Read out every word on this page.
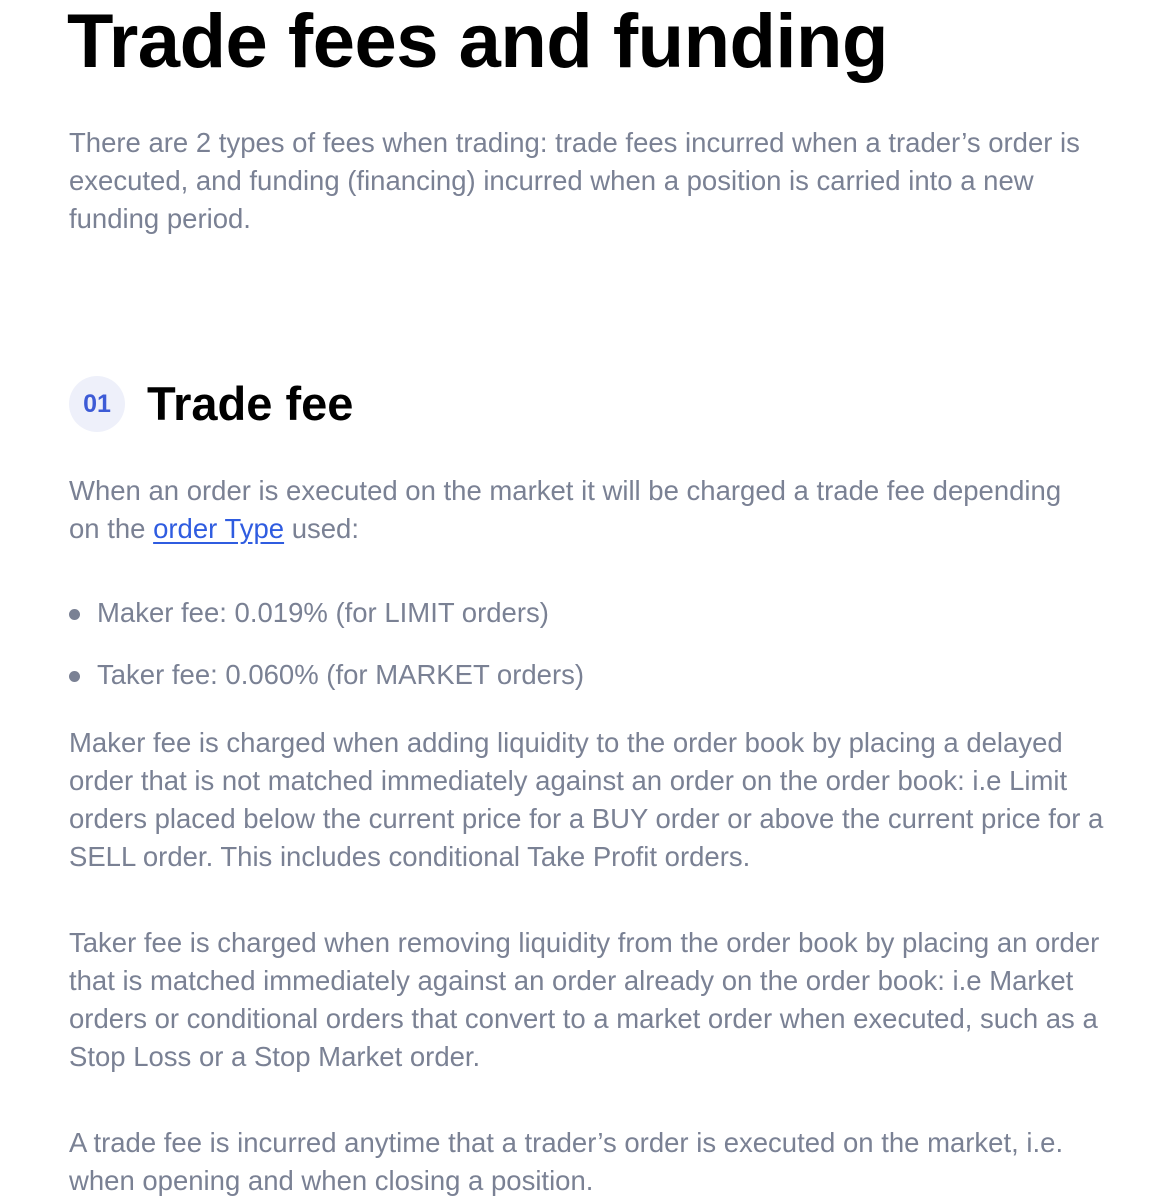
Trade fees and funding

There are 2 types of fees when trading: trade fees incurred when a trader’s order is executed, and funding (financing) incurred when a position is carried into a new funding period.

01 Trade fee

When an order is executed on the market it will be charged a trade fee depending on the order Type used:

Maker fee: 0.019% (for LIMIT orders)
Taker fee: 0.060% (for MARKET orders)

Maker fee is charged when adding liquidity to the order book by placing a delayed order that is not matched immediately against an order on the order book: i.e Limit orders placed below the current price for a BUY order or above the current price for a SELL order. This includes conditional Take Profit orders.

Taker fee is charged when removing liquidity from the order book by placing an order that is matched immediately against an order already on the order book: i.e Market orders or conditional orders that convert to a market order when executed, such as a Stop Loss or a Stop Market order.

A trade fee is incurred anytime that a trader’s order is executed on the market, i.e. when opening and when closing a position.
